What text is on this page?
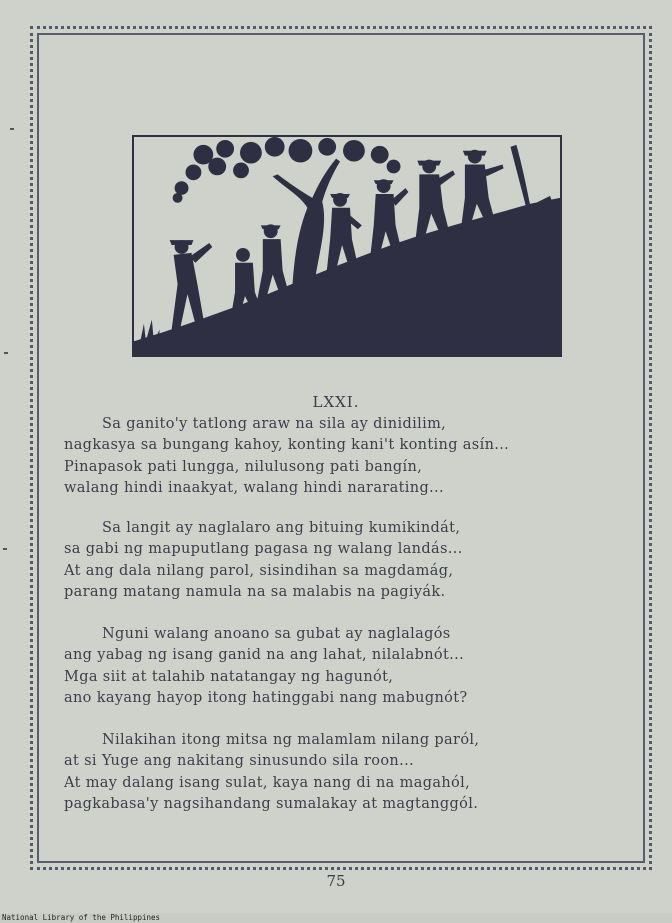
LXXI.
Sa ganito'y tatlong araw na sila ay dinidilim,
nagkasya sa bungang kahoy, konting kani't konting asín...
Pinapasok pati lungga, nilulusong pati bangín,
walang hindi inaakyat, walang hindi nararating...
Sa langit ay naglalaro ang bituing kumikindát,
sa gabi ng mapuputlang pagasa ng walang landás...
At ang dala nilang parol, sisindihan sa magdamág,
parang matang namula na sa malabis na pagiyák.
Nguni walang anoano sa gubat ay naglalagós
ang yabag ng isang ganid na ang lahat, nilalabnót...
Mga siit at talahib natatangay ng hagunót,
ano kayang hayop itong hatinggabi nang mabugnót?
Nilakihan itong mitsa ng malamlam nilang paról,
at si Yuge ang nakitang sinusundo sila roon...
At may dalang isang sulat, kaya nang di na magahól,
pagkabasa'y nagsihandang sumalakay at magtanggól.
75
National Library of the Philippines
